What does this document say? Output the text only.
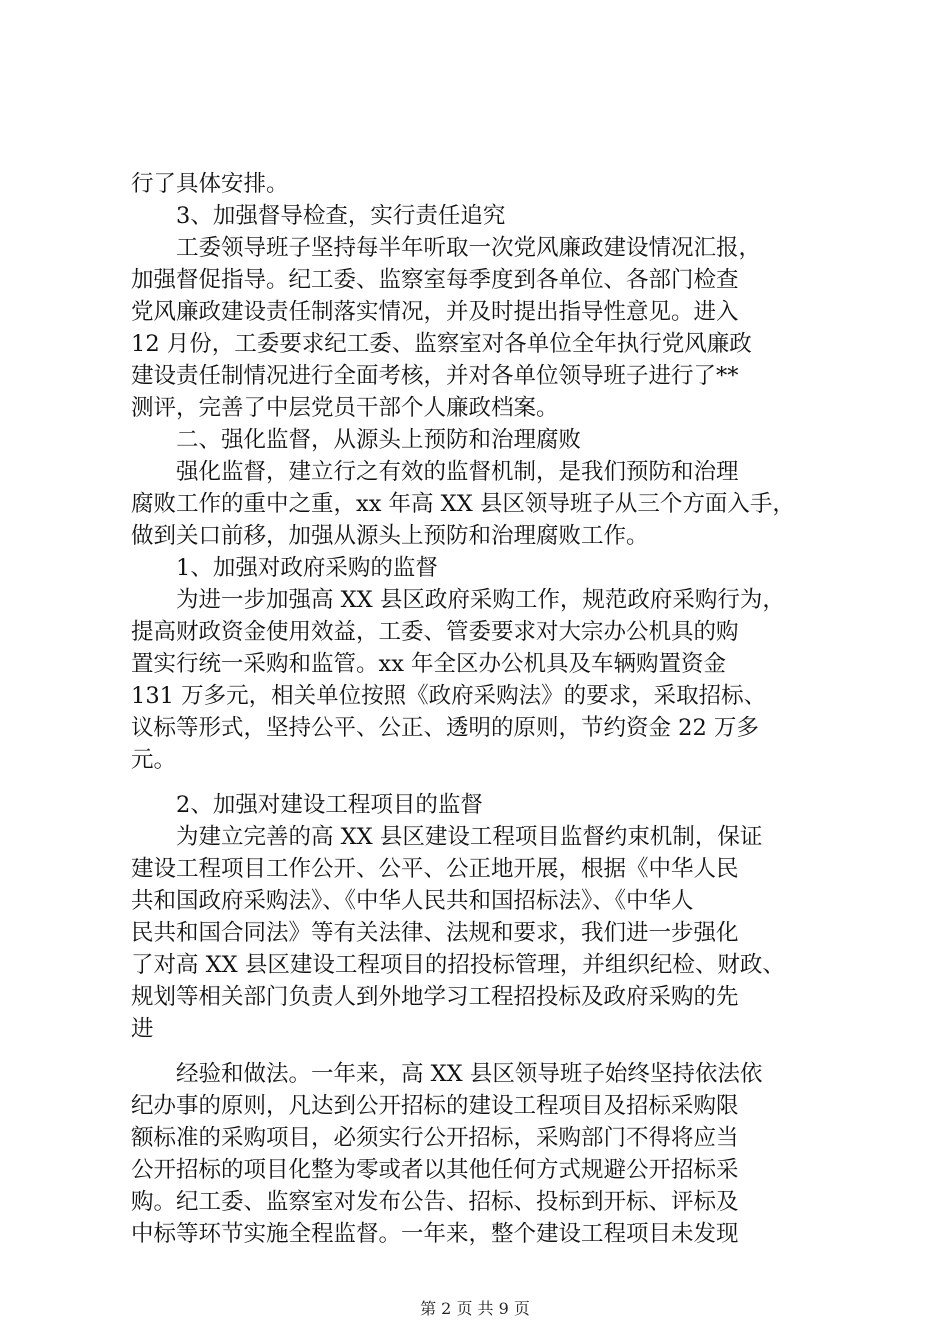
行了具体安排。
　　3、加强督导检查，实行责任追究
　　工委领导班子坚持每半年听取一次党风廉政建设情况汇报，
加强督促指导。纪工委、监察室每季度到各单位、各部门检查
党风廉政建设责任制落实情况，并及时提出指导性意见。进入
12 月份，工委要求纪工委、监察室对各单位全年执行党风廉政
建设责任制情况进行全面考核，并对各单位领导班子进行了**
测评，完善了中层党员干部个人廉政档案。
　　二、强化监督，从源头上预防和治理腐败
　　强化监督，建立行之有效的监督机制，是我们预防和治理
腐败工作的重中之重，xx 年高 XX 县区领导班子从三个方面入手，
做到关口前移，加强从源头上预防和治理腐败工作。
　　1、加强对政府采购的监督
　　为进一步加强高 XX 县区政府采购工作，规范政府采购行为，
提高财政资金使用效益，工委、管委要求对大宗办公机具的购
置实行统一采购和监管。xx 年全区办公机具及车辆购置资金
131 万多元，相关单位按照《政府采购法》的要求，采取招标、
议标等形式，坚持公平、公正、透明的原则，节约资金 22 万多
元。
　　2、加强对建设工程项目的监督
　　为建立完善的高 XX 县区建设工程项目监督约束机制，保证
建设工程项目工作公开、公平、公正地开展，根据《中华人民
共和国政府采购法》、《中华人民共和国招标法》、《中华人
民共和国合同法》等有关法律、法规和要求，我们进一步强化
了对高 XX 县区建设工程项目的招投标管理，并组织纪检、财政、
规划等相关部门负责人到外地学习工程招投标及政府采购的先
进
　　经验和做法。一年来，高 XX 县区领导班子始终坚持依法依
纪办事的原则，凡达到公开招标的建设工程项目及招标采购限
额标准的采购项目，必须实行公开招标，采购部门不得将应当
公开招标的项目化整为零或者以其他任何方式规避公开招标采
购。纪工委、监察室对发布公告、招标、投标到开标、评标及
中标等环节实施全程监督。一年来，整个建设工程项目未发现
第 2 页 共 9 页
